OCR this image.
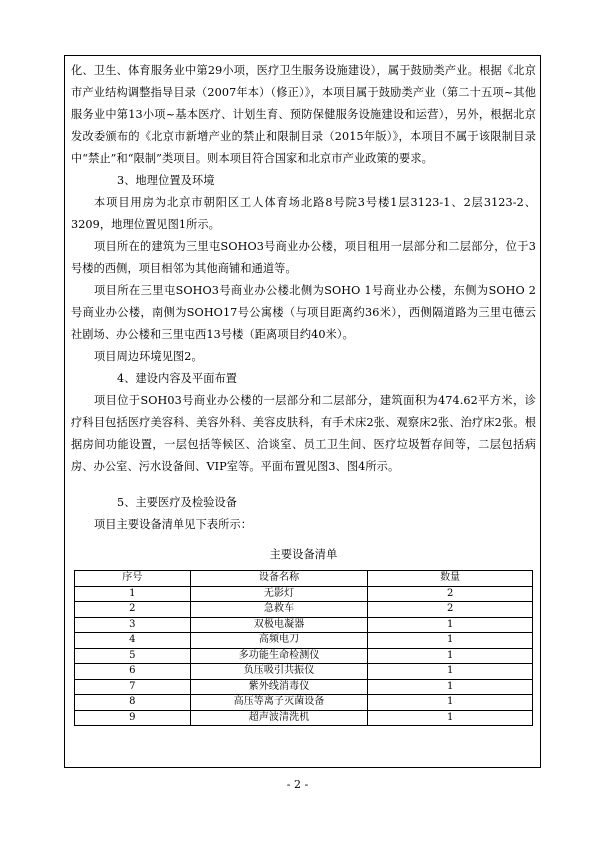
化、卫生、体育服务业中第29小项，医疗卫生服务设施建设），属于鼓励类产业。根据《北京市产业结构调整指导目录（2007年本）（修正）》，本项目属于鼓励类产业（第二十五项~其他服务业中第13小项~基本医疗、计划生育、预防保健服务设施建设和运营），另外，根据北京发改委颁布的《北京市新增产业的禁止和限制目录（2015年版）》，本项目不属于该限制目录中“禁止”和“限制”类项目。则本项目符合国家和北京市产业政策的要求。

3、地理位置及环境

本项目用房为北京市朝阳区工人体育场北路8号院3号楼1层3123-1、2层3123-2、3209，地理位置见图1所示。

项目所在的建筑为三里屯SOHO3号商业办公楼，项目租用一层部分和二层部分，位于3号楼的西侧，项目相邻为其他商铺和通道等。

项目所在三里屯SOHO3号商业办公楼北侧为SOHO 1号商业办公楼，东侧为SOHO 2号商业办公楼，南侧为SOHO17号公寓楼（与项目距离约36米），西侧隔道路为三里屯德云社剧场、办公楼和三里屯西13号楼（距离项目约40米）。

项目周边环境见图2。

4、建设内容及平面布置

项目位于SOH03号商业办公楼的一层部分和二层部分，建筑面积为474.62平方米，诊疗科目包括医疗美容科、美容外科、美容皮肤科，有手术床2张、观察床2张、治疗床2张。根据房间功能设置，一层包括等候区、洽谈室、员工卫生间、医疗垃圾暂存间等，二层包括病房、办公室、污水设备间、VIP室等。平面布置见图3、图4所示。

5、主要医疗及检验设备

项目主要设备清单见下表所示：

主要设备清单
序号	设备名称	数量
1	无影灯	2
2	急救车	2
3	双极电凝器	1
4	高频电刀	1
5	多功能生命检测仪	1
6	负压吸引共振仪	1
7	紫外线消毒仪	1
8	高压等离子灭菌设备	1
9	超声波清洗机	1
- 2 -
